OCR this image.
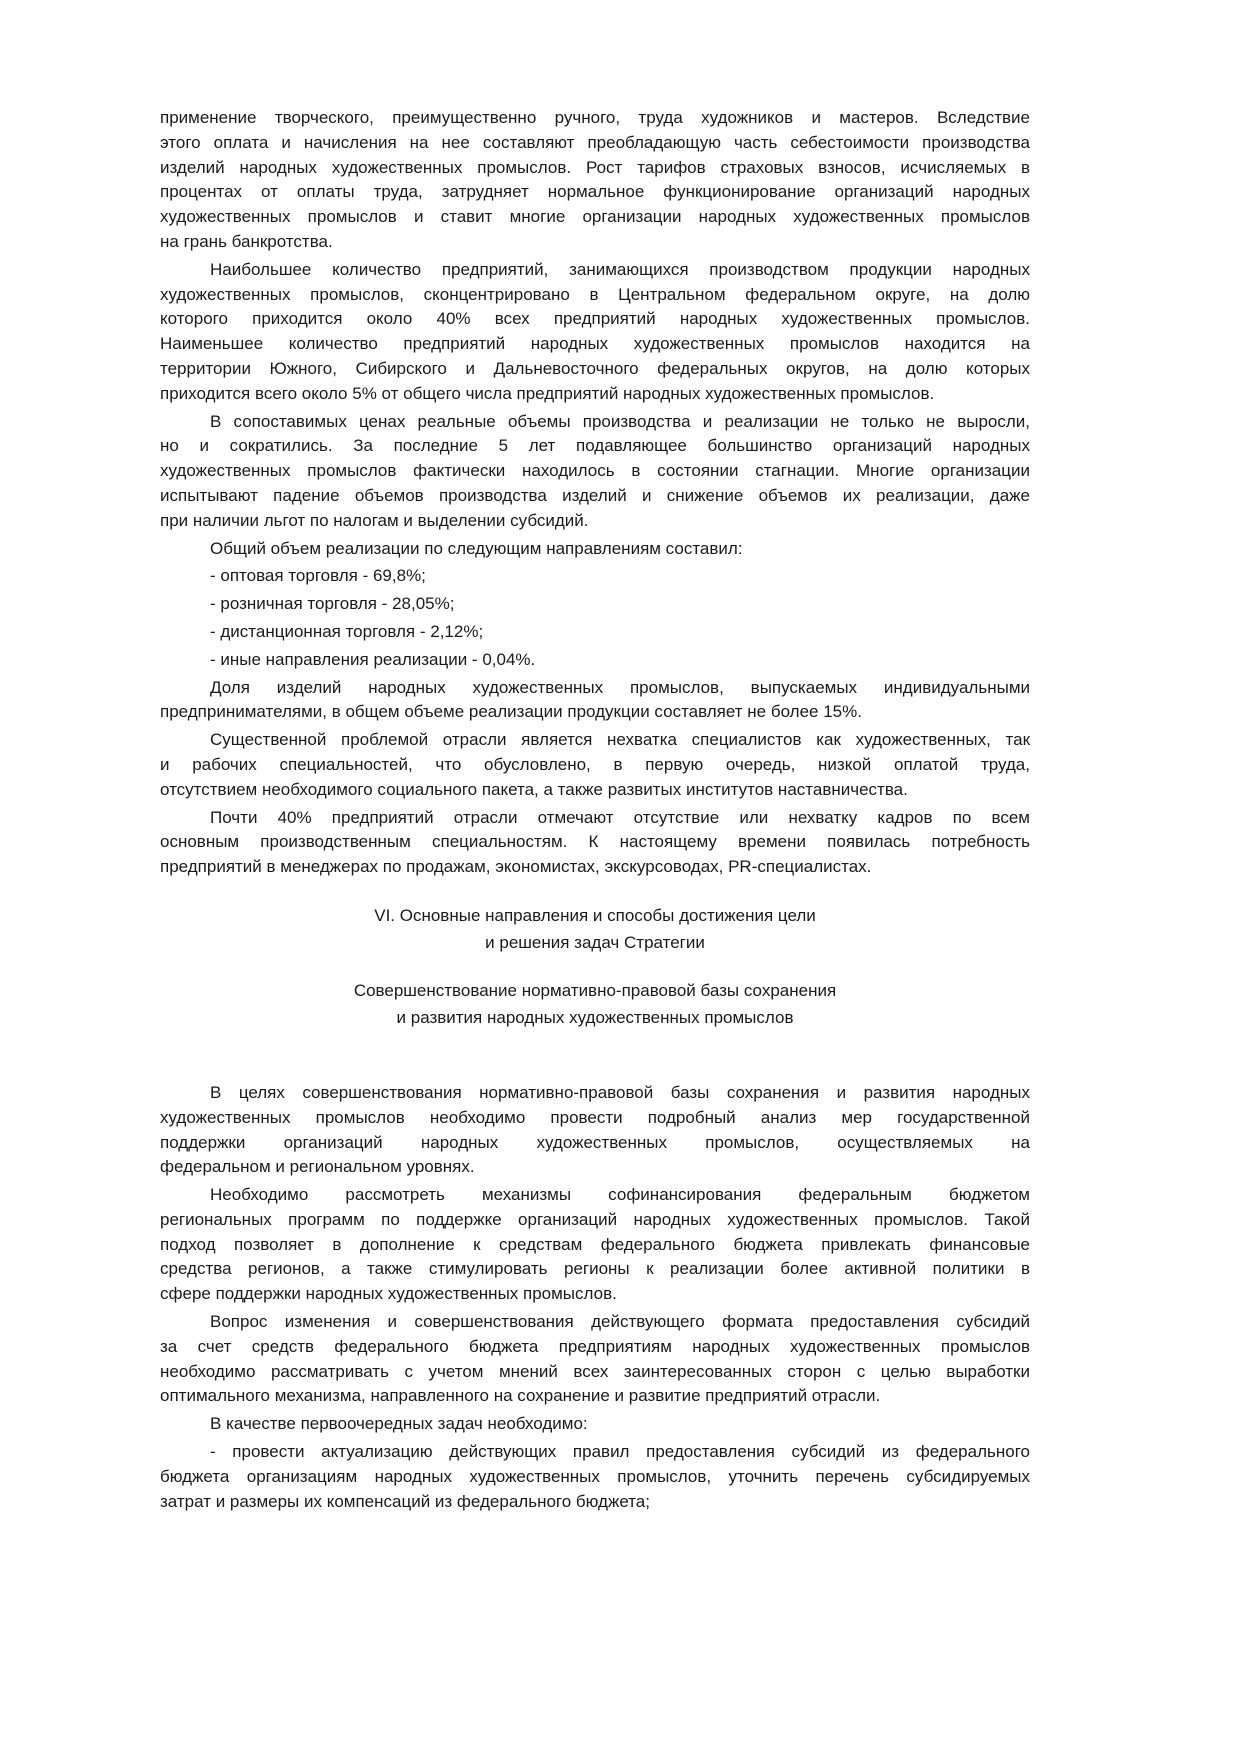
применение творческого, преимущественно ручного, труда художников и мастеров. Вследствие
этого оплата и начисления на нее составляют преобладающую часть себестоимости производства
изделий народных художественных промыслов. Рост тарифов страховых взносов, исчисляемых в
процентах от оплаты труда, затрудняет нормальное функционирование организаций народных
художественных промыслов и ставит многие организации народных художественных промыслов
на грань банкротства.
Наибольшее количество предприятий, занимающихся производством продукции народных
художественных промыслов, сконцентрировано в Центральном федеральном округе, на долю
которого приходится около 40% всех предприятий народных художественных промыслов.
Наименьшее количество предприятий народных художественных промыслов находится на
территории Южного, Сибирского и Дальневосточного федеральных округов, на долю которых
приходится всего около 5% от общего числа предприятий народных художественных промыслов.
В сопоставимых ценах реальные объемы производства и реализации не только не выросли,
но и сократились. За последние 5 лет подавляющее большинство организаций народных
художественных промыслов фактически находилось в состоянии стагнации. Многие организации
испытывают падение объемов производства изделий и снижение объемов их реализации, даже
при наличии льгот по налогам и выделении субсидий.
Общий объем реализации по следующим направлениям составил:
- оптовая торговля - 69,8%;
- розничная торговля - 28,05%;
- дистанционная торговля - 2,12%;
- иные направления реализации - 0,04%.
Доля изделий народных художественных промыслов, выпускаемых индивидуальными
предпринимателями, в общем объеме реализации продукции составляет не более 15%.
Существенной проблемой отрасли является нехватка специалистов как художественных, так
и рабочих специальностей, что обусловлено, в первую очередь, низкой оплатой труда,
отсутствием необходимого социального пакета, а также развитых институтов наставничества.
Почти 40% предприятий отрасли отмечают отсутствие или нехватку кадров по всем
основным производственным специальностям. К настоящему времени появилась потребность
предприятий в менеджерах по продажам, экономистах, экскурсоводах, PR-специалистах.
VI. Основные направления и способы достижения цели
и решения задач Стратегии
Совершенствование нормативно-правовой базы сохранения
и развития народных художественных промыслов
В целях совершенствования нормативно-правовой базы сохранения и развития народных
художественных промыслов необходимо провести подробный анализ мер государственной
поддержки организаций народных художественных промыслов, осуществляемых на
федеральном и региональном уровнях.
Необходимо рассмотреть механизмы софинансирования федеральным бюджетом
региональных программ по поддержке организаций народных художественных промыслов. Такой
подход позволяет в дополнение к средствам федерального бюджета привлекать финансовые
средства регионов, а также стимулировать регионы к реализации более активной политики в
сфере поддержки народных художественных промыслов.
Вопрос изменения и совершенствования действующего формата предоставления субсидий
за счет средств федерального бюджета предприятиям народных художественных промыслов
необходимо рассматривать с учетом мнений всех заинтересованных сторон с целью выработки
оптимального механизма, направленного на сохранение и развитие предприятий отрасли.
В качестве первоочередных задач необходимо:
- провести актуализацию действующих правил предоставления субсидий из федерального
бюджета организациям народных художественных промыслов, уточнить перечень субсидируемых
затрат и размеры их компенсаций из федерального бюджета;
